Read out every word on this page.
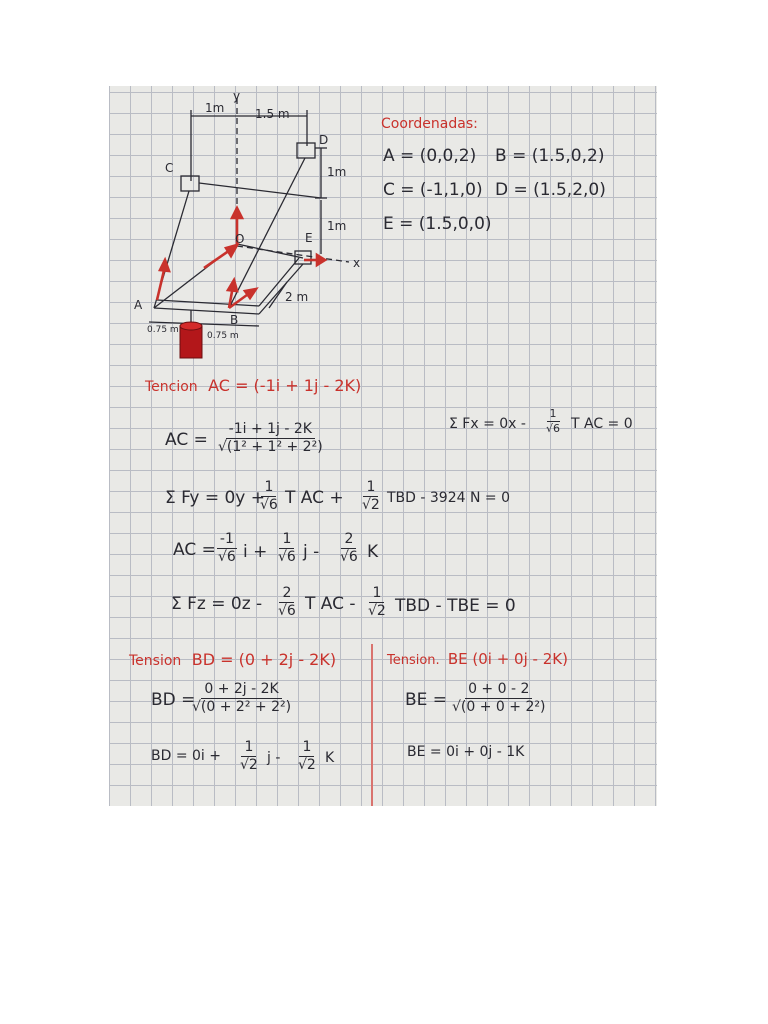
y
1m	1.5 m
D
C	1m
1m
O	E
x
2 m
A
B
0.75 m
0.75 m
Coordenadas:
A = (0,0,2) B = (1.5,0,2)
C = (-1,1,0) D = (1.5,2,0)
E = (1.5,0,0)
Tencion AC = (-1i + 1j - 2K)
AC = $\frac{-1i + 1j - 2K}{\text{√(1² + 1² + 2²)}}$	Σ $Fx = 0x - \frac{1}{√6}$ T AC = 0
Σ Fy = 0y +
$\frac{1}{√6}$ T AC + $\frac{1}{√2}$ TBD - 3924 N = 0
AC = $\frac{-1}{√6}$ $i + \frac{1}{√6}$ j - $\frac{2}{√6}$ K
Σ $Fz = 0z - \frac{2}{√6}$ T AC - $\frac{1}{√2}$ TBD - TBE = 0
Tension BD = (0 + 2j - 2K)
BD =
$\frac{0 + 2j - 2K}{\text{√(0 + 2² + 2²)}}$
BD = $0i + \frac{1}{√2}$ j - $\frac{1}{√2}$ K
Tension. BE (0i + 0j - 2K)
BE = $\frac{0 + 0 - 2}{\text{√(0 + 0 + 2²)}}$
BE = 0i + 0j - 1K
